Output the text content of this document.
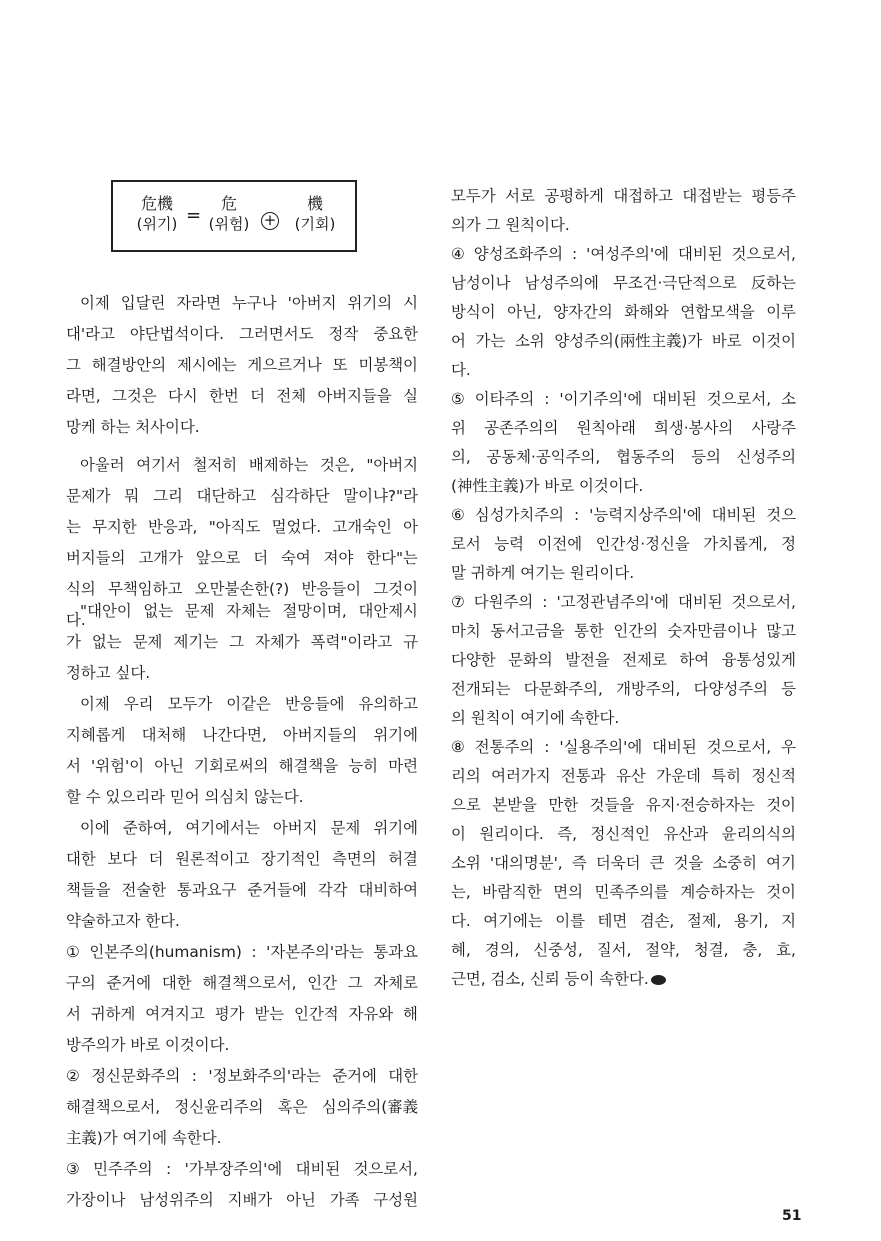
危機
(위기) =
危
(위험) +
機
(기회)
이제 입달린 자라면 누구나 '아버지 위기의 시
대'라고 야단법석이다. 그러면서도 정작 중요한
그 해결방안의 제시에는 게으르거나 또 미봉책이
라면, 그것은 다시 한번 더 전체 아버지들을 실
망케 하는 처사이다.
아울러 여기서 철저히 배제하는 것은, "아버지
문제가 뭐 그리 대단하고 심각하단 말이냐?"라
는 무지한 반응과, "아직도 멀었다. 고개숙인 아
버지들의 고개가 앞으로 더 숙여 져야 한다"는
식의 무책임하고 오만불손한(?) 반응들이 그것이
다.
"대안이 없는 문제 자체는 절망이며, 대안제시
가 없는 문제 제기는 그 자체가 폭력"이라고 규
정하고 싶다.
이제 우리 모두가 이같은 반응들에 유의하고
지혜롭게 대처해 나간다면, 아버지들의 위기에
서 '위험'이 아닌 기회로써의 해결책을 능히 마련
할 수 있으리라 믿어 의심치 않는다.
이에 준하여, 여기에서는 아버지 문제 위기에
대한 보다 더 원론적이고 장기적인 측면의 허결
책들을 전술한 통과요구 준거들에 각각 대비하여
약술하고자 한다.
① 인본주의(humanism) : '자본주의'라는 통과요
구의 준거에 대한 해결책으로서, 인간 그 자체로
서 귀하게 여겨지고 평가 받는 인간적 자유와 해
방주의가 바로 이것이다.
② 정신문화주의 : '정보화주의'라는 준거에 대한
해결책으로서, 정신윤리주의 혹은 심의주의(審義
主義)가 여기에 속한다.
③ 민주주의 : '가부장주의'에 대비된 것으로서,
가장이나 남성위주의 지배가 아닌 가족 구성원
모두가 서로 공평하게 대접하고 대접받는 평등주
의가 그 원칙이다.
④ 양성조화주의 : '여성주의'에 대비된 것으로서,
남성이나 남성주의에 무조건·극단적으로 反하는
방식이 아닌, 양자간의 화해와 연합모색을 이루
어 가는 소위 양성주의(兩性主義)가 바로 이것이
다.
⑤ 이타주의 : '이기주의'에 대비된 것으로서, 소
위 공존주의의 원칙아래 희생·봉사의 사랑주
의, 공동체·공익주의, 협동주의 등의 신성주의
(神性主義)가 바로 이것이다.
⑥ 심성가치주의 : '능력지상주의'에 대비된 것으
로서 능력 이전에 인간성·정신을 가치롭게, 정
말 귀하게 여기는 원리이다.
⑦ 다원주의 : '고정관념주의'에 대비된 것으로서,
마치 동서고금을 통한 인간의 숫자만큼이나 많고
다양한 문화의 발전을 전제로 하여 융통성있게
전개되는 다문화주의, 개방주의, 다양성주의 등
의 원칙이 여기에 속한다.
⑧ 전통주의 : '실용주의'에 대비된 것으로서, 우
리의 여러가지 전통과 유산 가운데 특히 정신적
으로 본받을 만한 것들을 유지·전승하자는 것이
이 원리이다. 즉, 정신적인 유산과 윤리의식의
소위 '대의명분', 즉 더욱더 큰 것을 소중히 여기
는, 바람직한 면의 민족주의를 계승하자는 것이
다. 여기에는 이를 테면 겸손, 절제, 용기, 지
혜, 경의, 신중성, 질서, 절약, 청결, 충, 효,
근면, 검소, 신뢰 등이 속한다.
51
